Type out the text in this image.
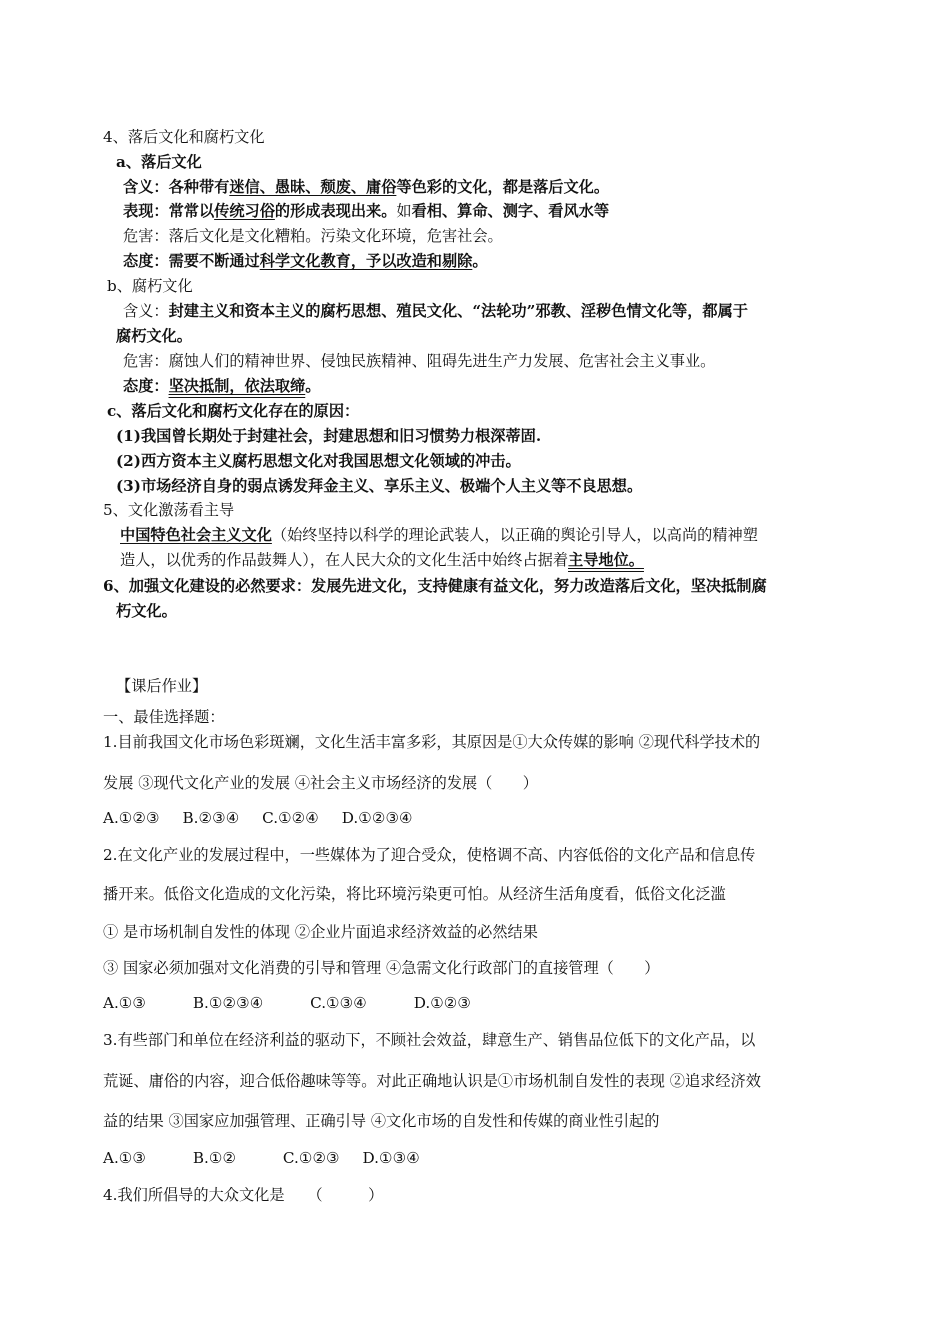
4、落后文化和腐朽文化
a、落后文化
含义：各种带有迷信、愚昧、颓废、庸俗等色彩的文化，都是落后文化。
表现：常常以传统习俗的形成表现出来。如看相、算命、测字、看风水等
危害：落后文化是文化糟粕。污染文化环境，危害社会。
态度：需要不断通过科学文化教育，予以改造和剔除。
b、腐朽文化
含义：封建主义和资本主义的腐朽思想、殖民文化、“法轮功”邪教、淫秽色情文化等，都属于
腐朽文化。
危害：腐蚀人们的精神世界、侵蚀民族精神、阻碍先进生产力发展、危害社会主义事业。
态度：坚决抵制，依法取缔。
c、落后文化和腐朽文化存在的原因：
(1)我国曾长期处于封建社会，封建思想和旧习惯势力根深蒂固.
(2)西方资本主义腐朽思想文化对我国思想文化领域的冲击。
(3)市场经济自身的弱点诱发拜金主义、享乐主义、极端个人主义等不良思想。
5、文化激荡看主导
中国特色社会主义文化（始终坚持以科学的理论武装人，以正确的舆论引导人，以高尚的精神塑
造人，以优秀的作品鼓舞人），在人民大众的文化生活中始终占据着主导地位。
6、加强文化建设的必然要求：发展先进文化，支持健康有益文化，努力改造落后文化，坚决抵制腐
朽文化。
【课后作业】
一、最佳选择题：
1.目前我国文化市场色彩斑斓，文化生活丰富多彩，其原因是①大众传媒的影响 ②现代科学技术的
发展 ③现代文化产业的发展 ④社会主义市场经济的发展（　　）
A.①②③ B.②③④ C.①②④ D.①②③④
2.在文化产业的发展过程中，一些媒体为了迎合受众，使格调不高、内容低俗的文化产品和信息传
播开来。低俗文化造成的文化污染，将比环境污染更可怕。从经济生活角度看，低俗文化泛滥
① 是市场机制自发性的体现 ②企业片面追求经济效益的必然结果
③ 国家必须加强对文化消费的引导和管理 ④急需文化行政部门的直接管理（　　）
A.①③	B.①②③④	C.①③④	D.①②③
3.有些部门和单位在经济利益的驱动下，不顾社会效益，肆意生产、销售品位低下的文化产品，以
荒诞、庸俗的内容，迎合低俗趣味等等。对此正确地认识是①市场机制自发性的表现 ②追求经济效
益的结果 ③国家应加强管理、正确引导 ④文化市场的自发性和传媒的商业性引起的
A.①③	B.①②	C.①②③ D.①③④
4.我们所倡导的大众文化是　　（　　　）
